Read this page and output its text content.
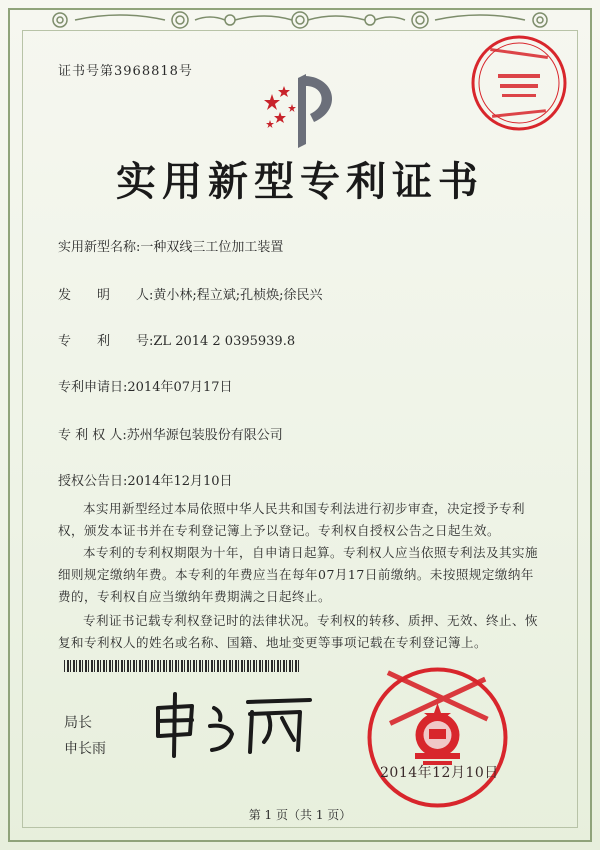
证书号第3968818号
实用新型专利证书
实用新型名称:一种双线三工位加工装置
发　　明　　人:黄小林;程立斌;孔桢焕;徐民兴
专　　利　　号:ZL 2014 2 0395939.8
专利申请日:2014年07月17日
专 利 权 人:苏州华源包装股份有限公司
授权公告日:2014年12月10日
本实用新型经过本局依照中华人民共和国专利法进行初步审查，决定授予专利权，颁发本证书并在专利登记簿上予以登记。专利权自授权公告之日起生效。
本专利的专利权期限为十年，自申请日起算。专利权人应当依照专利法及其实施细则规定缴纳年费。本专利的年费应当在每年07月17日前缴纳。未按照规定缴纳年费的，专利权自应当缴纳年费期满之日起终止。
专利证书记载专利权登记时的法律状况。专利权的转移、质押、无效、终止、恢复和专利权人的姓名或名称、国籍、地址变更等事项记载在专利登记簿上。
局长
申长雨
2014年12月10日
第 1 页（共 1 页）
